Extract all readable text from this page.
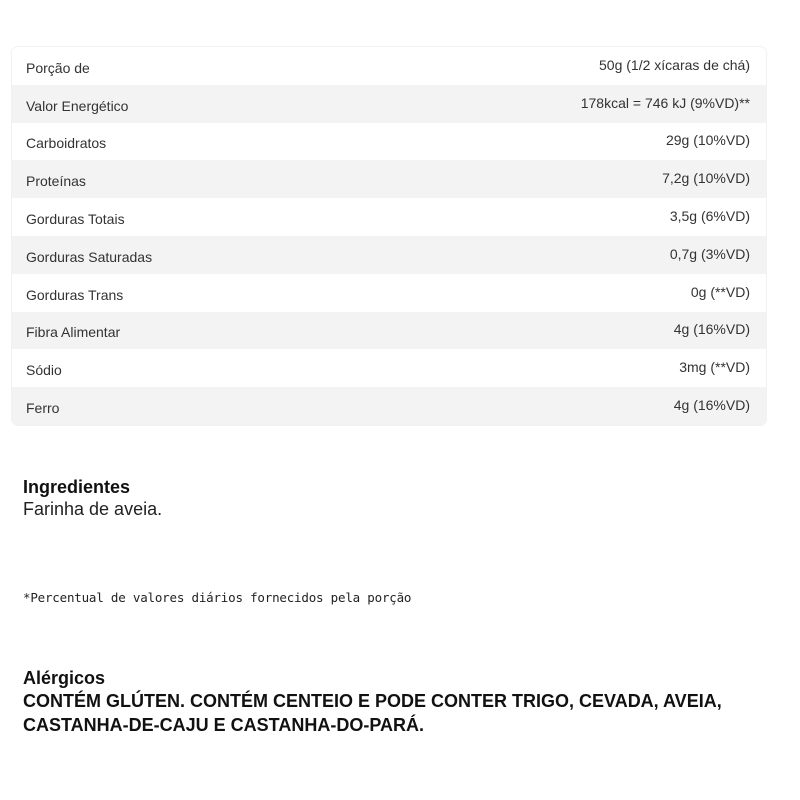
Porção de	50g (1/2 xícaras de chá)
Valor Energético	178kcal = 746 kJ (9%VD)**
Carboidratos	29g (10%VD)
Proteínas	7,2g (10%VD)
Gorduras Totais	3,5g (6%VD)
Gorduras Saturadas	0,7g (3%VD)
Gorduras Trans	0g (**VD)
Fibra Alimentar	4g (16%VD)
Sódio	3mg (**VD)
Ferro	4g (16%VD)
Ingredientes
Farinha de aveia.
*Percentual de valores diários fornecidos pela porção
Alérgicos
CONTÉM GLÚTEN. CONTÉM CENTEIO E PODE CONTER TRIGO, CEVADA, AVEIA,
CASTANHA-DE-CAJU E CASTANHA-DO-PARÁ.
